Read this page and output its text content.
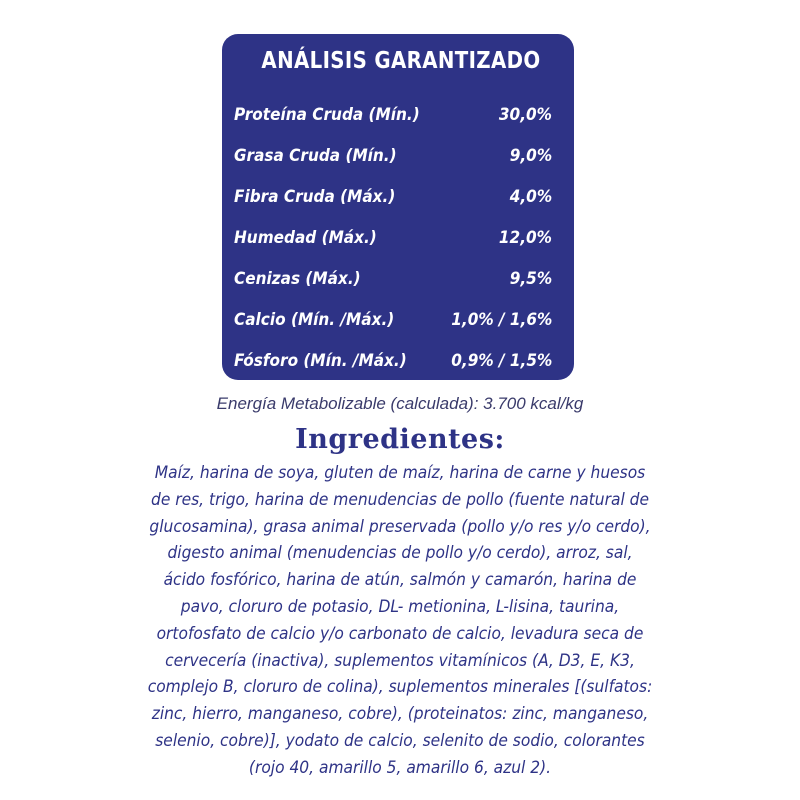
ANÁLISIS GARANTIZADO
Proteína Cruda (Mín.)	30,0%
Grasa Cruda (Mín.)	9,0%
Fibra Cruda (Máx.)	4,0%
Humedad (Máx.)	12,0%
Cenizas (Máx.)	9,5%
Calcio (Mín. /Máx.)	1,0% / 1,6%
Fósforo (Mín. /Máx.)	0,9% / 1,5%
Energía Metabolizable (calculada): 3.700 kcal/kg
Ingredientes:
Maíz, harina de soya, gluten de maíz, harina de carne y huesos
de res, trigo, harina de menudencias de pollo (fuente natural de
glucosamina), grasa animal preservada (pollo y/o res y/o cerdo),
digesto animal (menudencias de pollo y/o cerdo), arroz, sal,
ácido fosfórico, harina de atún, salmón y camarón, harina de
pavo, cloruro de potasio, DL- metionina, L-lisina, taurina,
ortofosfato de calcio y/o carbonato de calcio, levadura seca de
cervecería (inactiva), suplementos vitamínicos (A, D3, E, K3,
complejo B, cloruro de colina), suplementos minerales [(sulfatos:
zinc, hierro, manganeso, cobre), (proteinatos: zinc, manganeso,
selenio, cobre)], yodato de calcio, selenito de sodio, colorantes
(rojo 40, amarillo 5, amarillo 6, azul 2).
